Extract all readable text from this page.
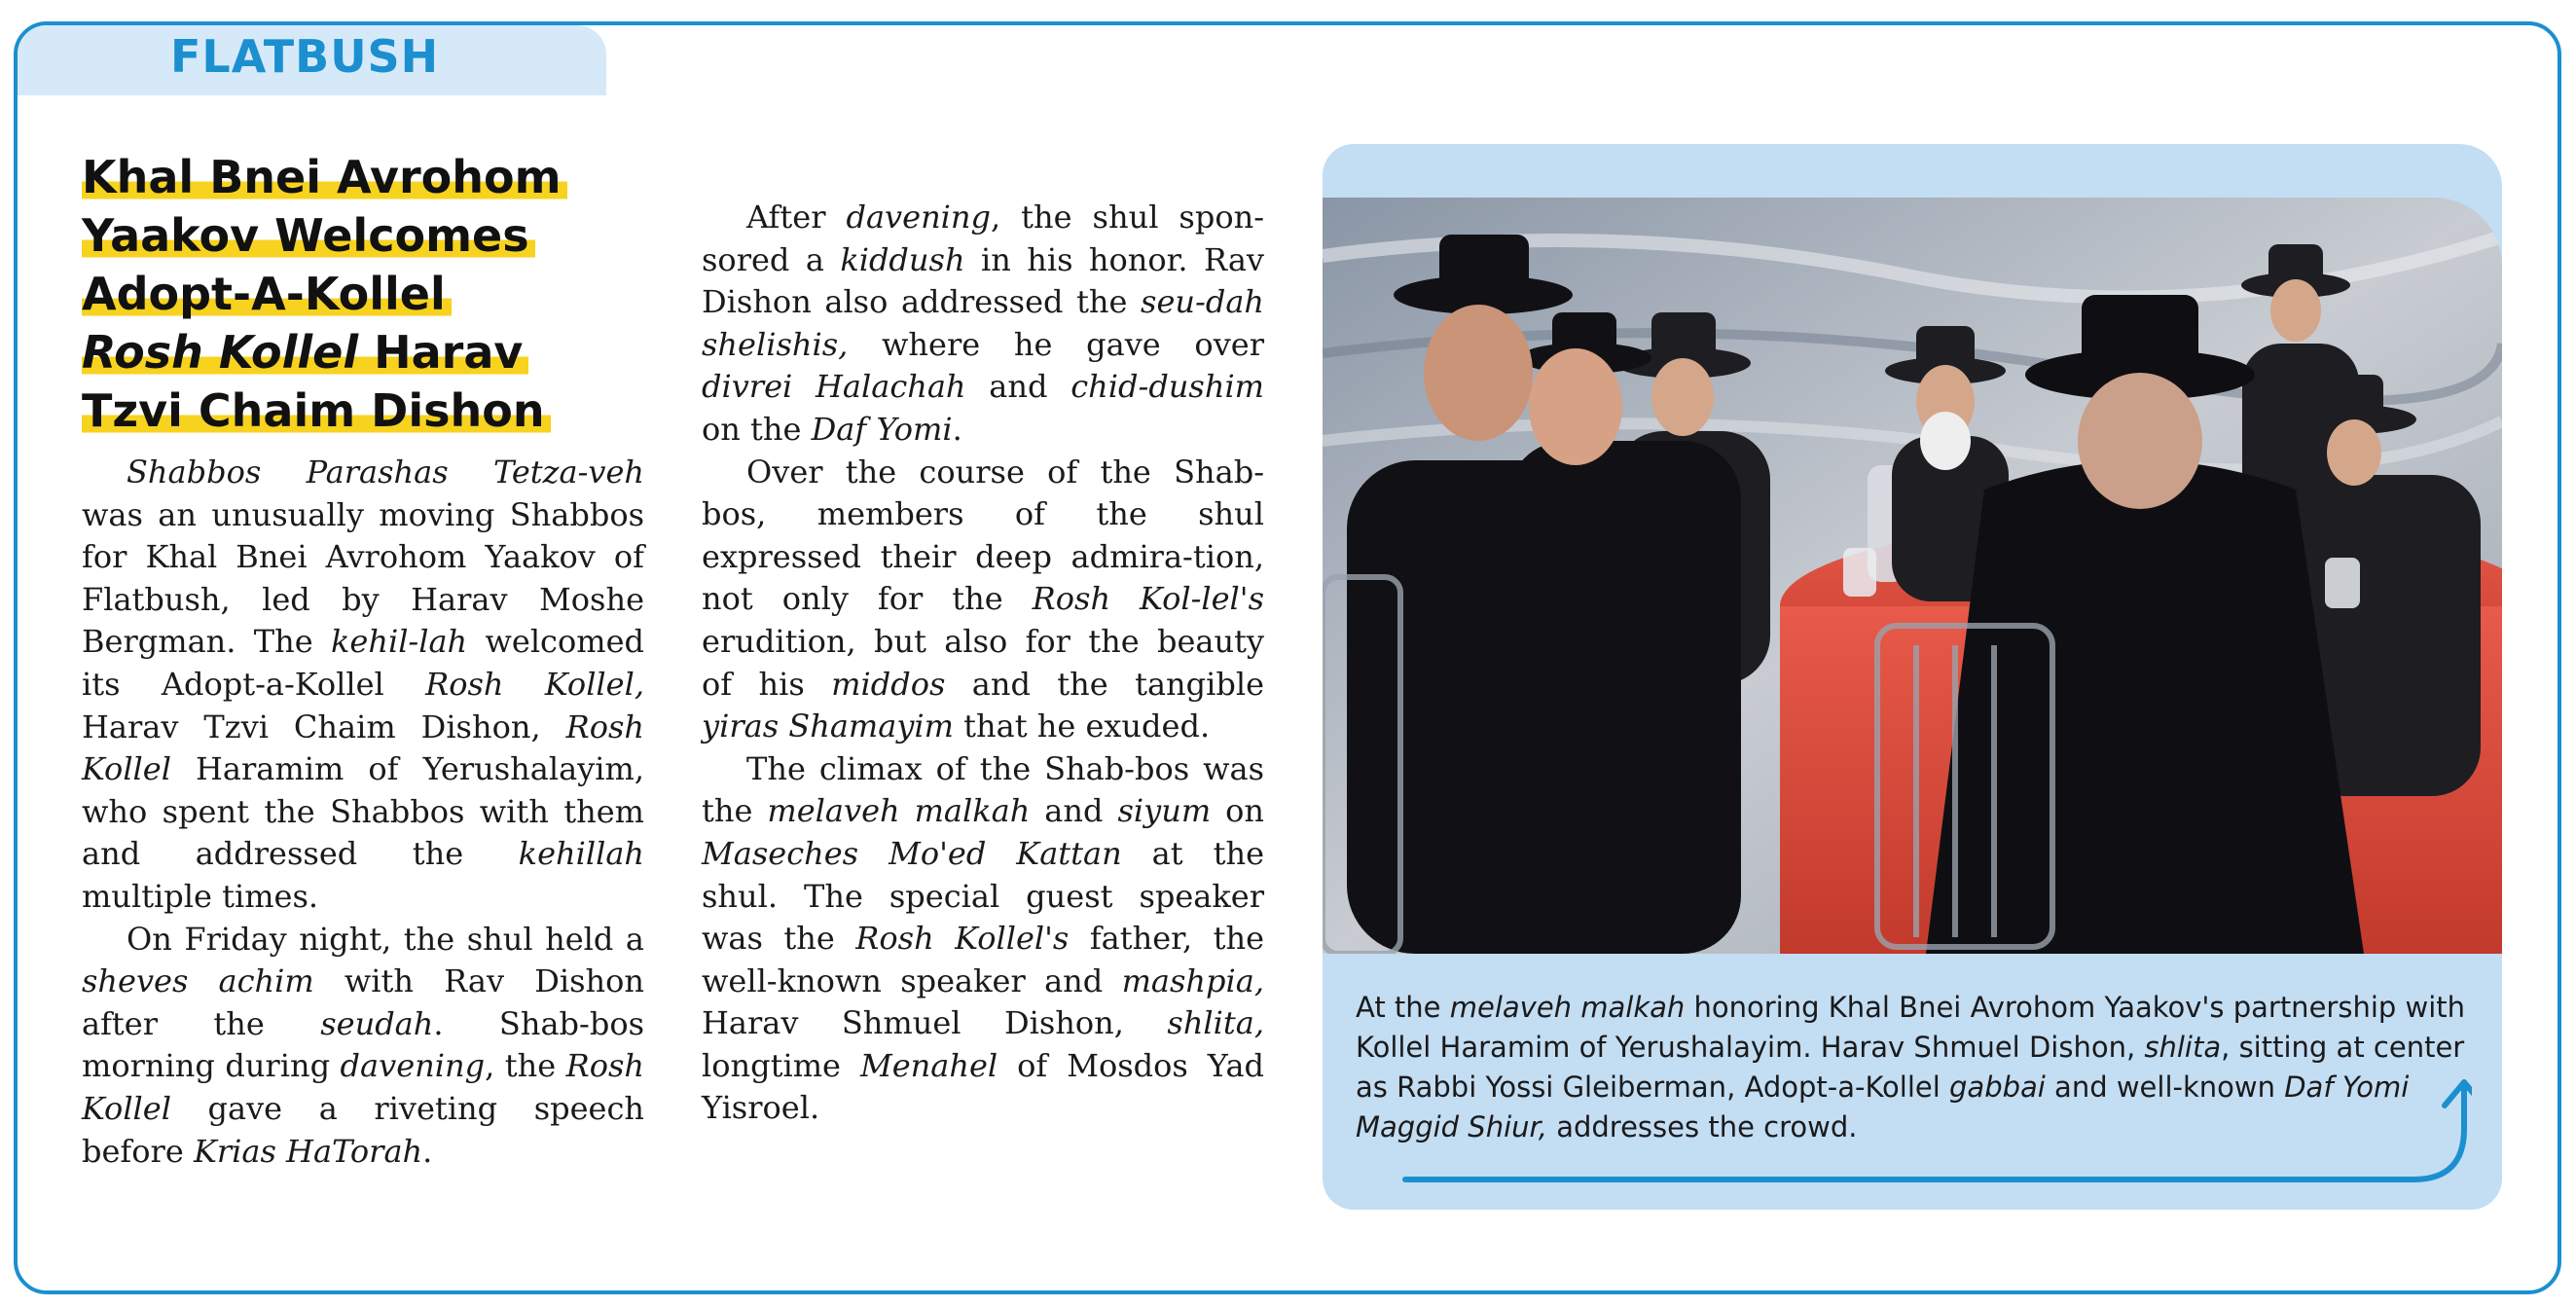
FLATBUSH

Khal Bnei Avrohom

Yaakov Welcomes

Adopt-A-Kollel

Rosh Kollel Harav

Tzvi Chaim Dishon

Shabbos Parashas Tetza-veh was an unusually moving Shabbos for Khal Bnei Avrohom Yaakov of Flatbush, led by Harav Moshe Bergman. The kehil-lah welcomed its Adopt-a-Kollel Rosh Kollel, Harav Tzvi Chaim Dishon, Rosh Kollel Haramim of Yerushalayim, who spent the Shabbos with them and addressed the kehillah multiple times.

On Friday night, the shul held a sheves achim with Rav Dishon after the seudah. Shab-bos morning during davening, the Rosh Kollel gave a riveting speech before Krias HaTorah.

After davening, the shul spon-sored a kiddush in his honor. Rav Dishon also addressed the seu-dah shelishis, where he gave over divrei Halachah and chid-dushim on the Daf Yomi.

Over the course of the Shab-bos, members of the shul expressed their deep admira-tion, not only for the Rosh Kol-lel's erudition, but also for the beauty of his middos and the tangible yiras Shamayim that he exuded.

The climax of the Shab-bos was the melaveh malkah and siyum on Maseches Mo'ed Kattan at the shul. The special guest speaker was the Rosh Kollel's father, the well-known speaker and mashpia, Harav Shmuel Dishon, shlita, longtime Menahel of Mosdos Yad Yisroel.

At the melaveh malkah honoring Khal Bnei Avrohom Yaakov's partnership with Kollel Haramim of Yerushalayim. Harav Shmuel Dishon, shlita, sitting at center as Rabbi Yossi Gleiberman, Adopt-a-Kollel gabbai and well-known Daf Yomi Maggid Shiur, addresses the crowd.
